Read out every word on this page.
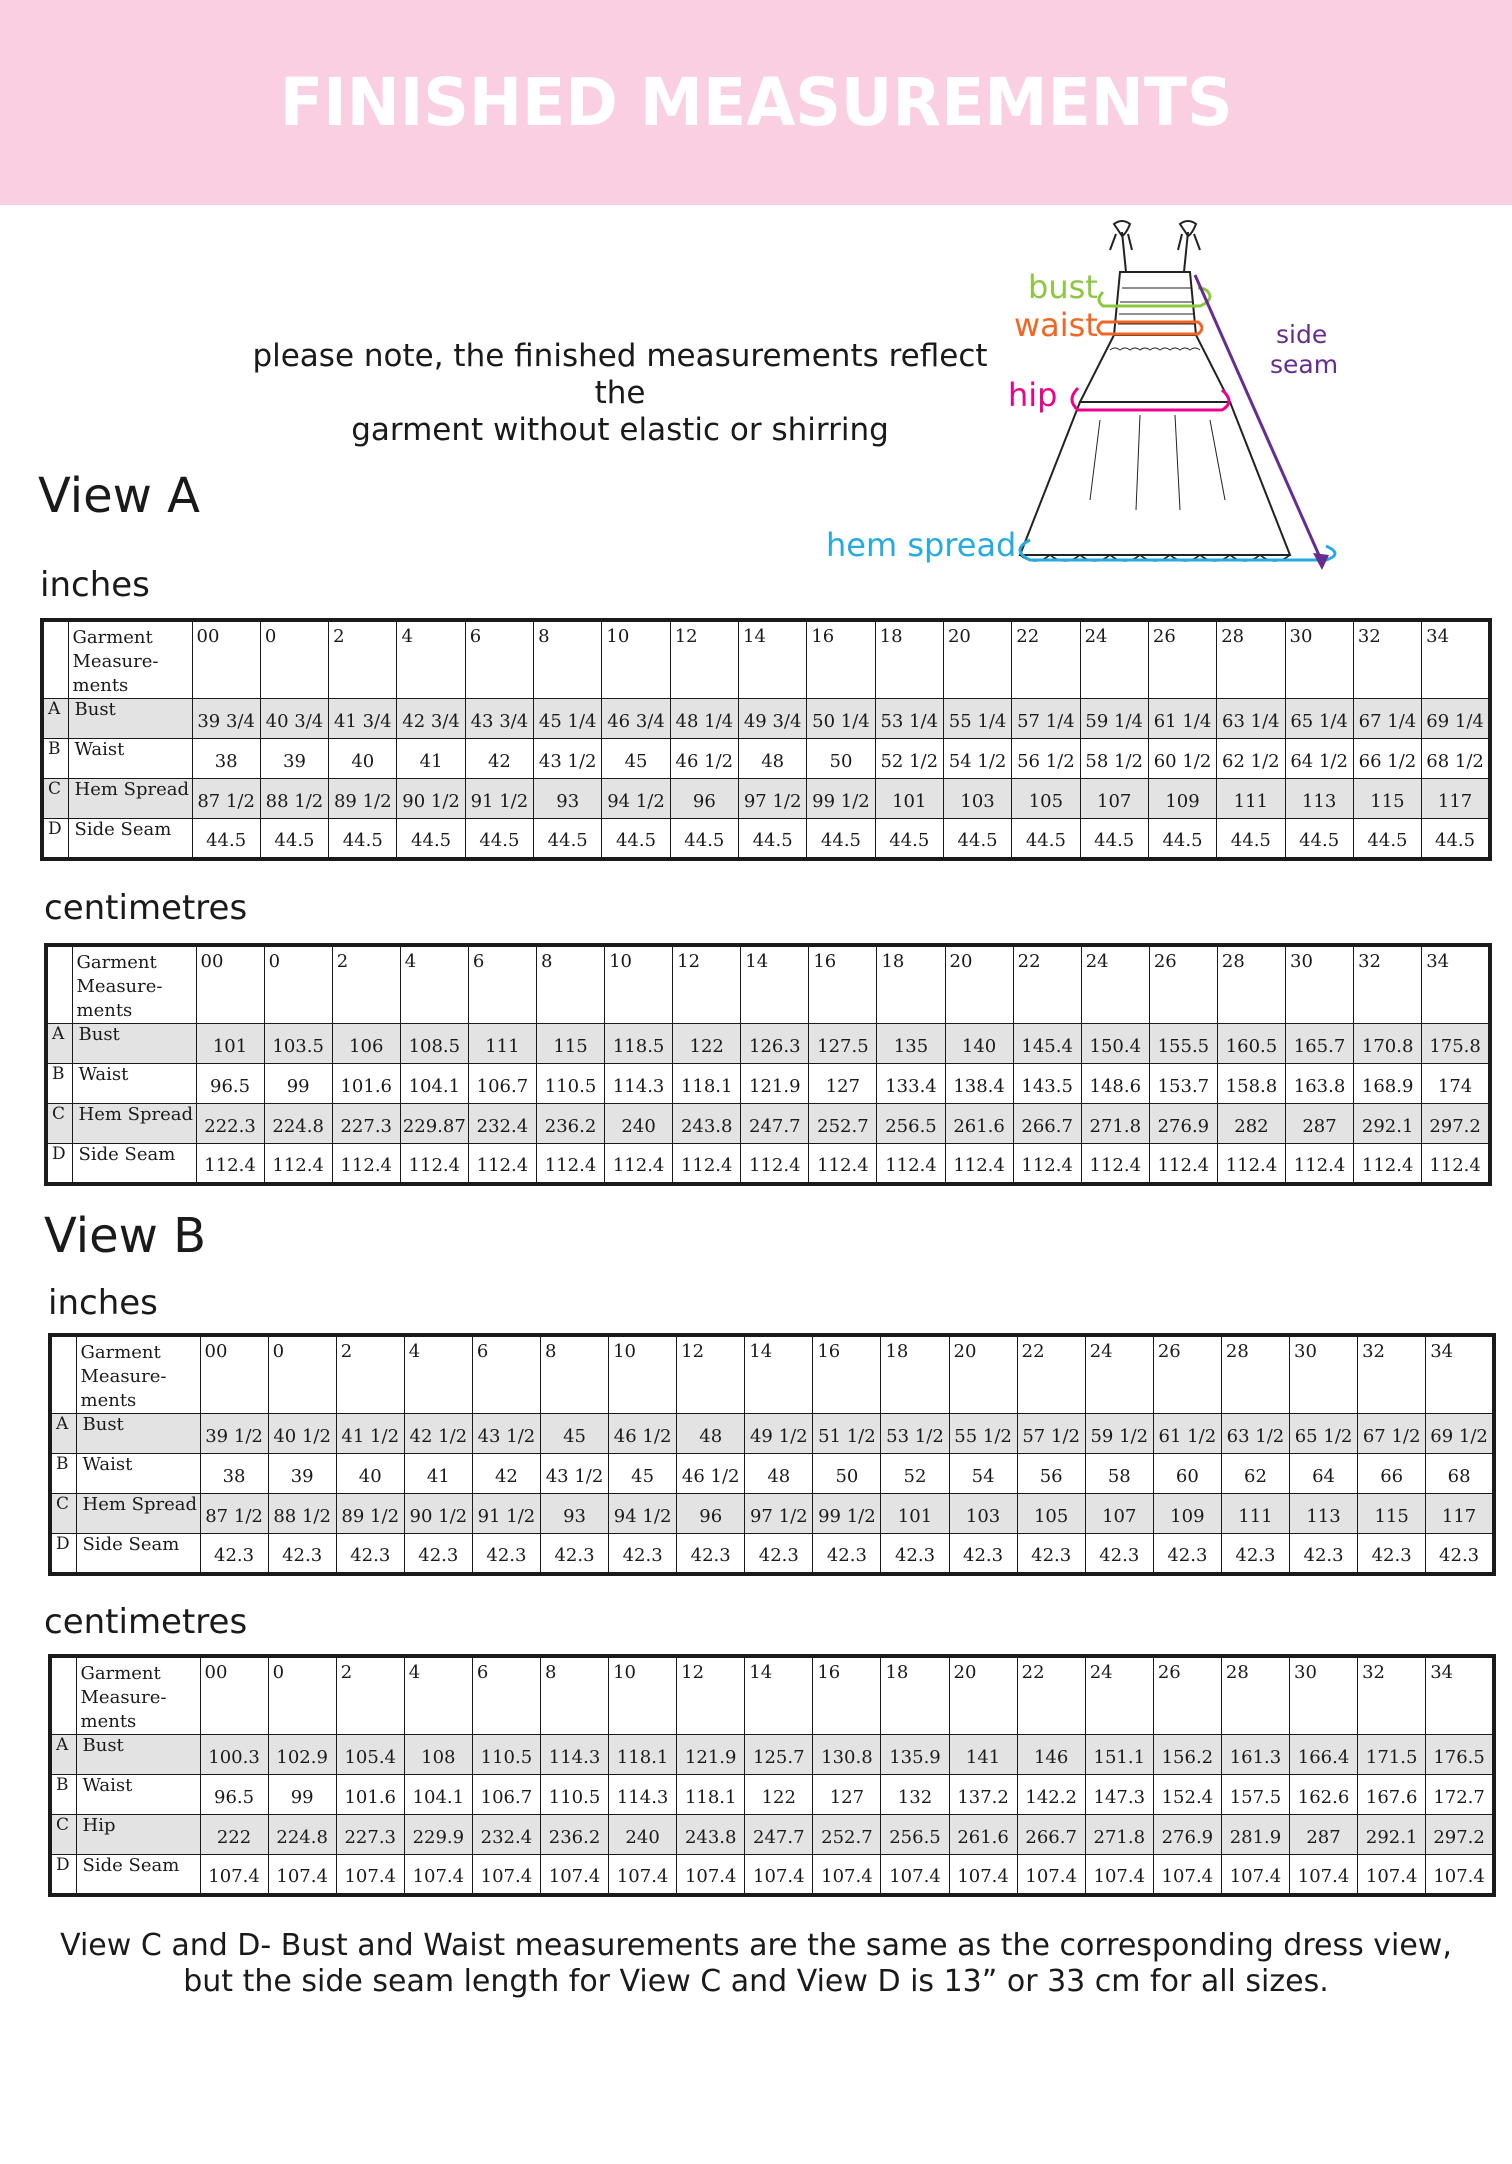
FINISHED MEASUREMENTS
please note, the finished measurements reflect the
garment without elastic or shirring
bust
waist
hip
hem spread
side
seam
View A
inches
	Garment Measure-ments	00	0	2	4	6	8	10	12	14	16	18	20	22	24	26	28	30	32	34
A	Bust	39 3/4	40 3/4	41 3/4	42 3/4	43 3/4	45 1/4	46 3/4	48 1/4	49 3/4	50 1/4	53 1/4	55 1/4	57 1/4	59 1/4	61 1/4	63 1/4	65 1/4	67 1/4	69 1/4
B	Waist	38	39	40	41	42	43 1/2	45	46 1/2	48	50	52 1/2	54 1/2	56 1/2	58 1/2	60 1/2	62 1/2	64 1/2	66 1/2	68 1/2
C	Hem Spread	87 1/2	88 1/2	89 1/2	90 1/2	91 1/2	93	94 1/2	96	97 1/2	99 1/2	101	103	105	107	109	111	113	115	117
D	Side Seam	44.5	44.5	44.5	44.5	44.5	44.5	44.5	44.5	44.5	44.5	44.5	44.5	44.5	44.5	44.5	44.5	44.5	44.5	44.5
centimetres
	Garment Measure-ments	00	0	2	4	6	8	10	12	14	16	18	20	22	24	26	28	30	32	34
A	Bust	101	103.5	106	108.5	111	115	118.5	122	126.3	127.5	135	140	145.4	150.4	155.5	160.5	165.7	170.8	175.8
B	Waist	96.5	99	101.6	104.1	106.7	110.5	114.3	118.1	121.9	127	133.4	138.4	143.5	148.6	153.7	158.8	163.8	168.9	174
C	Hem Spread	222.3	224.8	227.3	229.87	232.4	236.2	240	243.8	247.7	252.7	256.5	261.6	266.7	271.8	276.9	282	287	292.1	297.2
D	Side Seam	112.4	112.4	112.4	112.4	112.4	112.4	112.4	112.4	112.4	112.4	112.4	112.4	112.4	112.4	112.4	112.4	112.4	112.4	112.4
View B
inches
	Garment Measure-ments	00	0	2	4	6	8	10	12	14	16	18	20	22	24	26	28	30	32	34
A	Bust	39 1/2	40 1/2	41 1/2	42 1/2	43 1/2	45	46 1/2	48	49 1/2	51 1/2	53 1/2	55 1/2	57 1/2	59 1/2	61 1/2	63 1/2	65 1/2	67 1/2	69 1/2
B	Waist	38	39	40	41	42	43 1/2	45	46 1/2	48	50	52	54	56	58	60	62	64	66	68
C	Hem Spread	87 1/2	88 1/2	89 1/2	90 1/2	91 1/2	93	94 1/2	96	97 1/2	99 1/2	101	103	105	107	109	111	113	115	117
D	Side Seam	42.3	42.3	42.3	42.3	42.3	42.3	42.3	42.3	42.3	42.3	42.3	42.3	42.3	42.3	42.3	42.3	42.3	42.3	42.3
centimetres
	Garment Measure-ments	00	0	2	4	6	8	10	12	14	16	18	20	22	24	26	28	30	32	34
A	Bust	100.3	102.9	105.4	108	110.5	114.3	118.1	121.9	125.7	130.8	135.9	141	146	151.1	156.2	161.3	166.4	171.5	176.5
B	Waist	96.5	99	101.6	104.1	106.7	110.5	114.3	118.1	122	127	132	137.2	142.2	147.3	152.4	157.5	162.6	167.6	172.7
C	Hip	222	224.8	227.3	229.9	232.4	236.2	240	243.8	247.7	252.7	256.5	261.6	266.7	271.8	276.9	281.9	287	292.1	297.2
D	Side Seam	107.4	107.4	107.4	107.4	107.4	107.4	107.4	107.4	107.4	107.4	107.4	107.4	107.4	107.4	107.4	107.4	107.4	107.4	107.4
View C and D- Bust and Waist measurements are the same as the corresponding dress view,
but the side seam length for View C and View D is 13” or 33 cm for all sizes.
